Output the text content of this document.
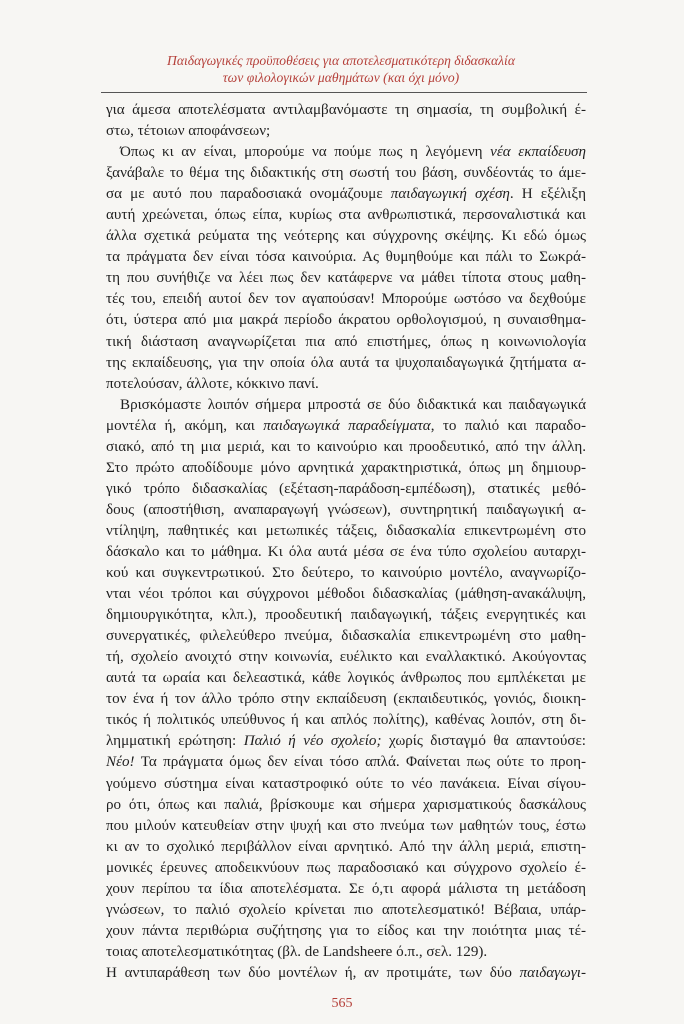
Παιδαγωγικές προϋποθέσεις για αποτελεσματικότερη διδασκαλία
των φιλολογικών μαθημάτων (και όχι μόνο)
για άμεσα αποτελέσματα αντιλαμβανόμαστε τη σημασία, τη συμβολική έ-
στω, τέτοιων αποφάνσεων;
Όπως κι αν είναι, μπορούμε να πούμε πως η λεγόμενη νέα εκπαίδευση
ξανάβαλε το θέμα της διδακτικής στη σωστή του βάση, συνδέοντάς το άμε-
σα με αυτό που παραδοσιακά ονομάζουμε παιδαγωγική σχέση. Η εξέλιξη
αυτή χρεώνεται, όπως είπα, κυρίως στα ανθρωπιστικά, περσοναλιστικά και
άλλα σχετικά ρεύματα της νεότερης και σύγχρονης σκέψης. Κι εδώ όμως
τα πράγματα δεν είναι τόσα καινούρια. Ας θυμηθούμε και πάλι το Σωκρά-
τη που συνήθιζε να λέει πως δεν κατάφερνε να μάθει τίποτα στους μαθη-
τές του, επειδή αυτοί δεν τον αγαπούσαν! Μπορούμε ωστόσο να δεχθούμε
ότι, ύστερα από μια μακρά περίοδο άκρατου ορθολογισμού, η συναισθημα-
τική διάσταση αναγνωρίζεται πια από επιστήμες, όπως η κοινωνιολογία
της εκπαίδευσης, για την οποία όλα αυτά τα ψυχοπαιδαγωγικά ζητήματα α-
ποτελούσαν, άλλοτε, κόκκινο πανί.
Βρισκόμαστε λοιπόν σήμερα μπροστά σε δύο διδακτικά και παιδαγωγικά
μοντέλα ή, ακόμη, και παιδαγωγικά παραδείγματα, το παλιό και παραδο-
σιακό, από τη μια μεριά, και το καινούριο και προοδευτικό, από την άλλη.
Στο πρώτο αποδίδουμε μόνο αρνητικά χαρακτηριστικά, όπως μη δημιουρ-
γικό τρόπο διδασκαλίας (εξέταση-παράδοση-εμπέδωση), στατικές μεθό-
δους (αποστήθιση, αναπαραγωγή γνώσεων), συντηρητική παιδαγωγική α-
ντίληψη, παθητικές και μετωπικές τάξεις, διδασκαλία επικεντρωμένη στο
δάσκαλο και το μάθημα. Κι όλα αυτά μέσα σε ένα τύπο σχολείου αυταρχι-
κού και συγκεντρωτικού. Στο δεύτερο, το καινούριο μοντέλο, αναγνωρίζο-
νται νέοι τρόποι και σύγχρονοι μέθοδοι διδασκαλίας (μάθηση-ανακάλυψη,
δημιουργικότητα, κλπ.), προοδευτική παιδαγωγική, τάξεις ενεργητικές και
συνεργατικές, φιλελεύθερο πνεύμα, διδασκαλία επικεντρωμένη στο μαθη-
τή, σχολείο ανοιχτό στην κοινωνία, ευέλικτο και εναλλακτικό. Ακούγοντας
αυτά τα ωραία και δελεαστικά, κάθε λογικός άνθρωπος που εμπλέκεται με
τον ένα ή τον άλλο τρόπο στην εκπαίδευση (εκπαιδευτικός, γονιός, διοικη-
τικός ή πολιτικός υπεύθυνος ή και απλός πολίτης), καθένας λοιπόν, στη δι-
λημματική ερώτηση: Παλιό ή νέο σχολείο; χωρίς δισταγμό θα απαντούσε:
Νέο! Τα πράγματα όμως δεν είναι τόσο απλά. Φαίνεται πως ούτε το προη-
γούμενο σύστημα είναι καταστροφικό ούτε το νέο πανάκεια. Είναι σίγου-
ρο ότι, όπως και παλιά, βρίσκουμε και σήμερα χαρισματικούς δασκάλους
που μιλούν κατευθείαν στην ψυχή και στο πνεύμα των μαθητών τους, έστω
κι αν το σχολικό περιβάλλον είναι αρνητικό. Από την άλλη μεριά, επιστη-
μονικές έρευνες αποδεικνύουν πως παραδοσιακό και σύγχρονο σχολείο έ-
χουν περίπου τα ίδια αποτελέσματα. Σε ό,τι αφορά μάλιστα τη μετάδοση
γνώσεων, το παλιό σχολείο κρίνεται πιο αποτελεσματικό! Βέβαια, υπάρ-
χουν πάντα περιθώρια συζήτησης για το είδος και την ποιότητα μιας τέ-
τοιας αποτελεσματικότητας (βλ. de Landsheere ό.π., σελ. 129).
Η αντιπαράθεση των δύο μοντέλων ή, αν προτιμάτε, των δύο παιδαγωγι-
565
